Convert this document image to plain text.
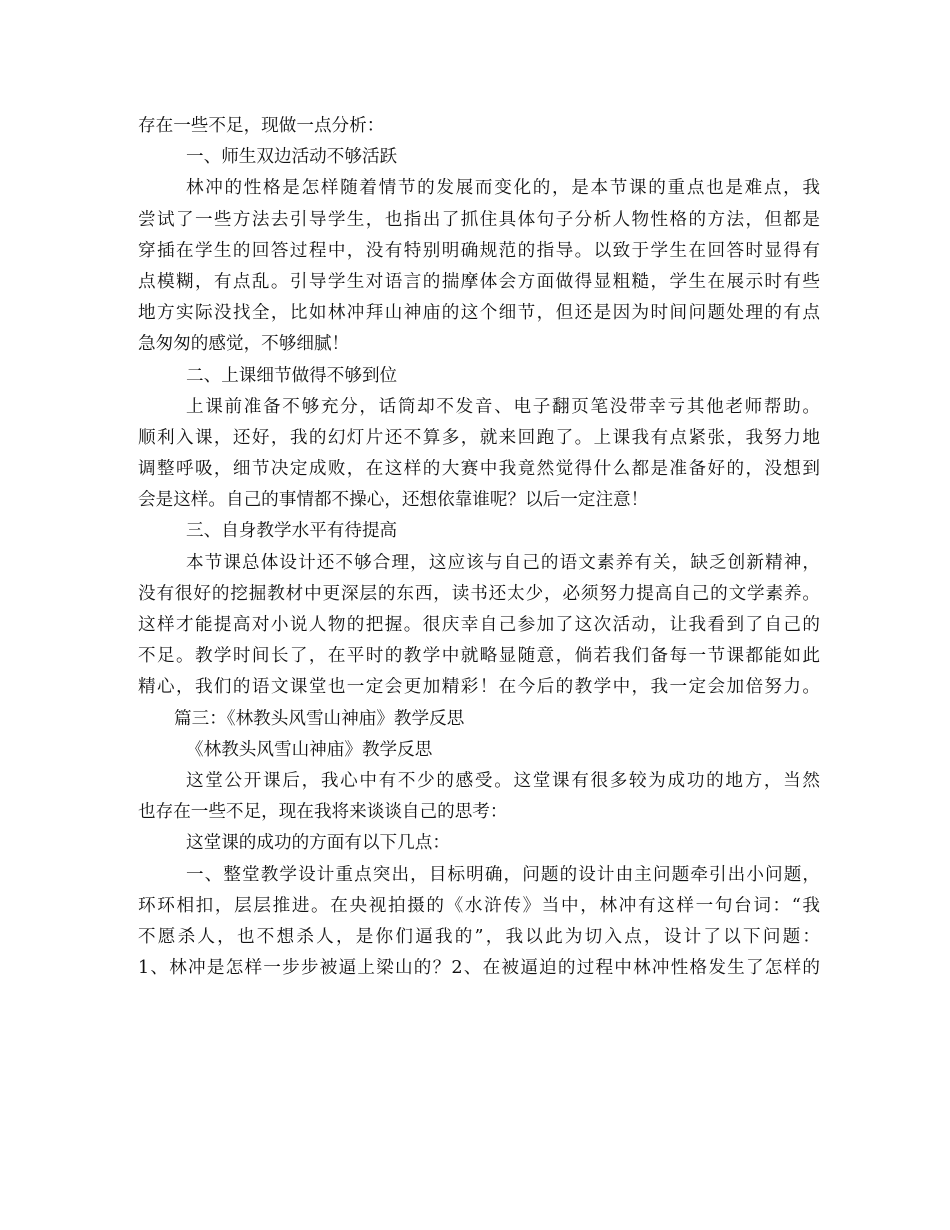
存在一些不足，现做一点分析：
一、师生双边活动不够活跃
林冲的性格是怎样随着情节的发展而变化的，是本节课的重点也是难点，我
尝试了一些方法去引导学生，也指出了抓住具体句子分析人物性格的方法，但都是
穿插在学生的回答过程中，没有特别明确规范的指导。以致于学生在回答时显得有
点模糊，有点乱。引导学生对语言的揣摩体会方面做得显粗糙，学生在展示时有些
地方实际没找全，比如林冲拜山神庙的这个细节，但还是因为时间问题处理的有点
急匆匆的感觉，不够细腻！
二、上课细节做得不够到位
上课前准备不够充分，话筒却不发音、电子翻页笔没带幸亏其他老师帮助。
顺利入课，还好，我的幻灯片还不算多，就来回跑了。上课我有点紧张，我努力地
调整呼吸，细节决定成败，在这样的大赛中我竟然觉得什么都是准备好的，没想到
会是这样。自己的事情都不操心，还想依靠谁呢？以后一定注意！
三、自身教学水平有待提高
本节课总体设计还不够合理，这应该与自己的语文素养有关，缺乏创新精神，
没有很好的挖掘教材中更深层的东西，读书还太少，必须努力提高自己的文学素养。
这样才能提高对小说人物的把握。很庆幸自己参加了这次活动，让我看到了自己的
不足。教学时间长了，在平时的教学中就略显随意，倘若我们备每一节课都能如此
精心，我们的语文课堂也一定会更加精彩！在今后的教学中，我一定会加倍努力。
篇三：《林教头风雪山神庙》教学反思
《林教头风雪山神庙》教学反思
这堂公开课后，我心中有不少的感受。这堂课有很多较为成功的地方，当然
也存在一些不足，现在我将来谈谈自己的思考：
这堂课的成功的方面有以下几点：
一、整堂教学设计重点突出，目标明确，问题的设计由主问题牵引出小问题，
环环相扣，层层推进。在央视拍摄的《水浒传》当中，林冲有这样一句台词：“我
不愿杀人，也不想杀人，是你们逼我的”，我以此为切入点，设计了以下问题：
1、林冲是怎样一步步被逼上梁山的？2、在被逼迫的过程中林冲性格发生了怎样的
